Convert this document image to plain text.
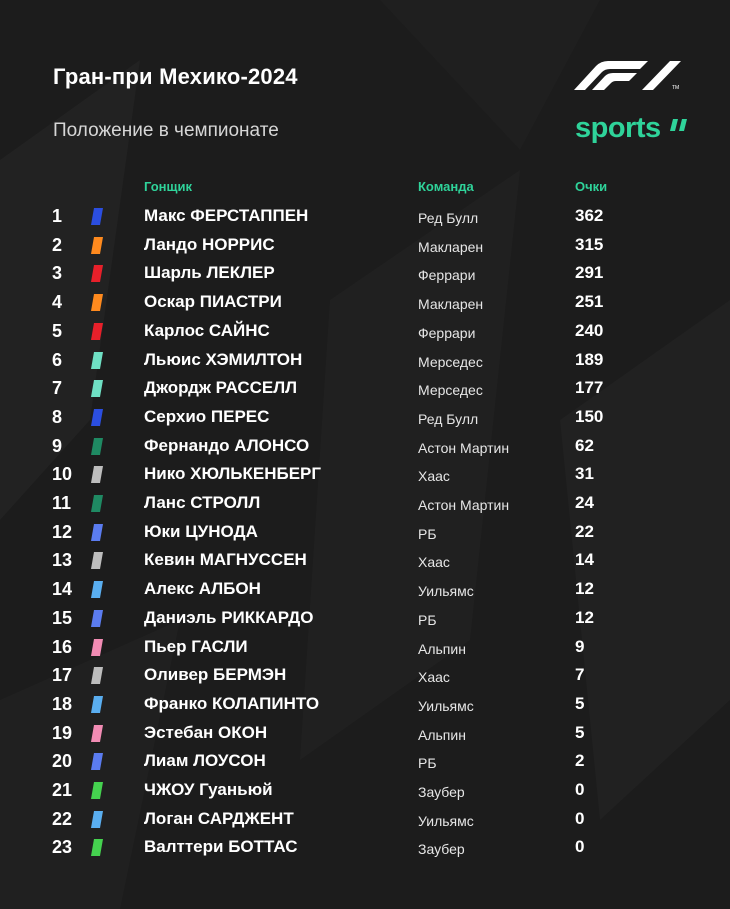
Гран-при Мехико-2024
Положение в чемпионате
TM
sports
Гонщик	Команда	Очки
1	Макс ФЕРСТАППЕН	Ред Булл	362
2	Ландо НОРРИС	Макларен	315
3	Шарль ЛЕКЛЕР	Феррари	291
4	Оскар ПИАСТРИ	Макларен	251
5	Карлос САЙНС	Феррари	240
6	Льюис ХЭМИЛТОН	Мерседес	189
7	Джордж РАССЕЛЛ	Мерседес	177
8	Серхио ПЕРЕС	Ред Булл	150
9	Фернандо АЛОНСО	Астон Мартин	62
10	Нико ХЮЛЬКЕНБЕРГ	Хаас	31
11	Ланс СТРОЛЛ	Астон Мартин	24
12	Юки ЦУНОДА	РБ	22
13	Кевин МАГНУССЕН	Хаас	14
14	Алекс АЛБОН	Уильямс	12
15	Даниэль РИККАРДО	РБ	12
16	Пьер ГАСЛИ	Альпин	9
17	Оливер БЕРМЭН	Хаас	7
18	Франко КОЛАПИНТО	Уильямс	5
19	Эстебан ОКОН	Альпин	5
20	Лиам ЛОУСОН	РБ	2
21	ЧЖОУ Гуаньюй	Заубер	0
22	Логан САРДЖЕНТ	Уильямс	0
23	Валттери БОТТАС	Заубер	0
